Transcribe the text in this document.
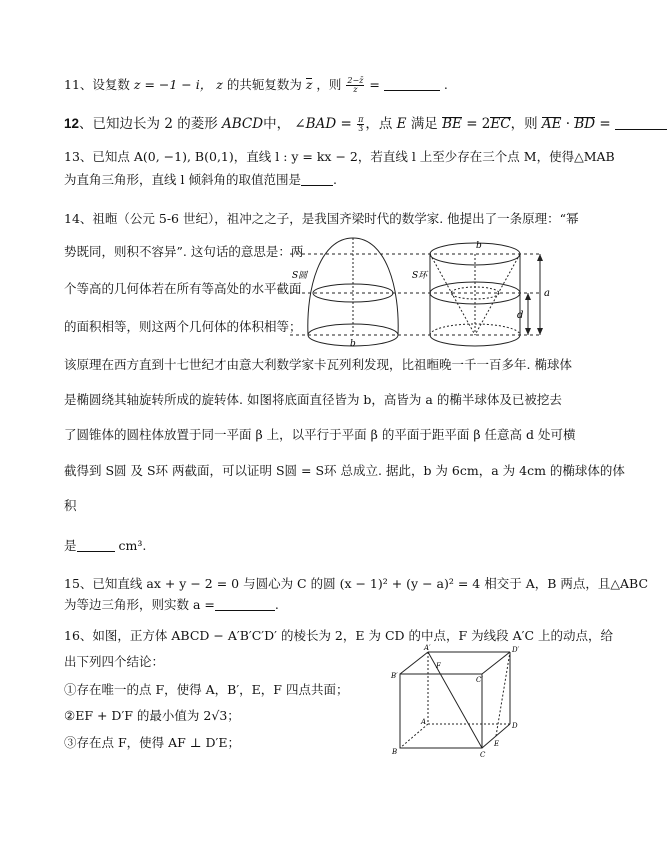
11、设复数 z = −1 − i， z 的共轭复数为 z ，则 $\frac{2-z̄}{z}$ =	.
12、已知边长为 2 的菱形 ABCD中， ∠BAD = $\frac{\pi}{3}$ ，点 E 满足 BE = 2EC，则 AE · BD =
13、已知点 A(0, −1), B(0,1)，直线 l : y = kx − 2，若直线 l 上至少存在三个点 M，使得△MAB
为直角三角形，直线 l 倾斜角的取值范围是	.
14、祖暅（公元 5-6 世纪），祖冲之之子，是我国齐梁时代的数学家. 他提出了一条原理：“幂
势既同，则积不容异”. 这句话的意思是：两
个等高的几何体若在所有等高处的水平截面
的面积相等，则这两个几何体的体积相等；
该原理在西方直到十七世纪才由意大利数学家卡瓦列利发现，比祖暅晚一千一百多年. 椭球体
是椭圆绕其轴旋转所成的旋转体. 如图将底面直径皆为 b，高皆为 a 的椭半球体及已被挖去
了圆锥体的圆柱体放置于同一平面 β 上，以平行于平面 β 的平面于距平面 β 任意高 d 处可横
截得到 S圆 及 S环 两截面，可以证明 S圆 = S环 总成立. 据此，b 为 6cm，a 为 4cm 的椭球体的体
积
是	cm³.
S圆	S环
b
b
a
d
15、已知直线 ax + y − 2 = 0 与圆心为 C 的圆 (x − 1)² + (y − a)² = 4 相交于 A，B 两点，且△ABC
为等边三角形，则实数 a =	.
16、如图，正方体 ABCD − A′B′C′D′ 的棱长为 2，E 为 CD 的中点，F 为线段 A′C 上的动点，给
出下列四个结论：
①存在唯一的点 F，使得 A，B′，E，F 四点共面；
②EF + D′F 的最小值为 2√3；
③存在点 F，使得 AF ⊥ D′E；
A′	D′
B′	C′
F
A	D
B	C
E
